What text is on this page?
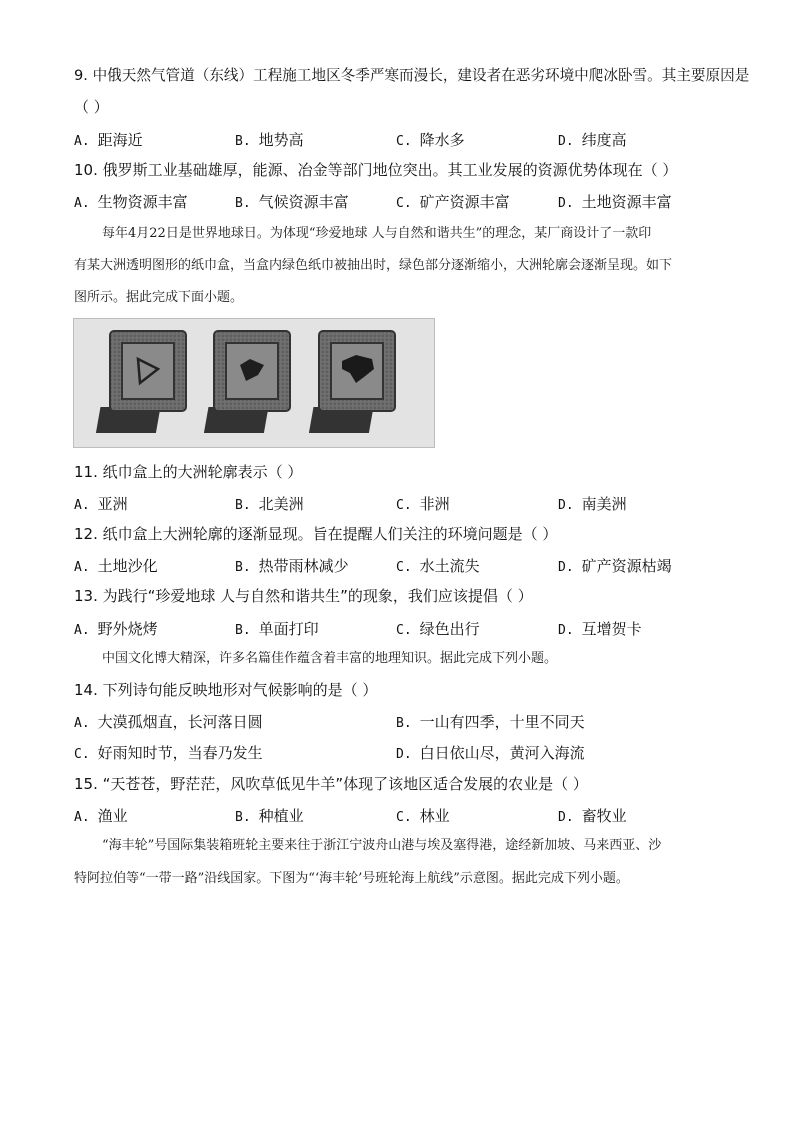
9. 中俄天然气管道（东线）工程施工地区冬季严寒而漫长，建设者在恶劣环境中爬冰卧雪。其主要原因是
（ ）
A. 距海近	B. 地势高	C. 降水多	D. 纬度高
10. 俄罗斯工业基础雄厚，能源、冶金等部门地位突出。其工业发展的资源优势体现在（ ）
A. 生物资源丰富	B. 气候资源丰富	C. 矿产资源丰富	D. 土地资源丰富
每年4月22日是世界地球日。为体现“珍爱地球 人与自然和谐共生”的理念，某厂商设计了一款印
有某大洲透明图形的纸巾盒，当盒内绿色纸巾被抽出时，绿色部分逐渐缩小，大洲轮廓会逐渐呈现。如下
图所示。据此完成下面小题。
11. 纸巾盒上的大洲轮廓表示（ ）
A. 亚洲	B. 北美洲	C. 非洲	D. 南美洲
12. 纸巾盒上大洲轮廓的逐渐显现。旨在提醒人们关注的环境问题是（ ）
A. 土地沙化	B. 热带雨林减少	C. 水土流失	D. 矿产资源枯竭
13. 为践行“珍爱地球 人与自然和谐共生”的现象，我们应该提倡（ ）
A. 野外烧烤	B. 单面打印	C. 绿色出行	D. 互增贺卡
中国文化博大精深，许多名篇佳作蕴含着丰富的地理知识。据此完成下列小题。
14. 下列诗句能反映地形对气候影响的是（ ）
A. 大漠孤烟直，长河落日圆	B. 一山有四季，十里不同天
C. 好雨知时节，当春乃发生	D. 白日依山尽，黄河入海流
15. “天苍苍，野茫茫，风吹草低见牛羊”体现了该地区适合发展的农业是（ ）
A. 渔业	B. 种植业	C. 林业	D. 畜牧业
“海丰轮”号国际集装箱班轮主要来往于浙江宁波舟山港与埃及塞得港，途经新加坡、马来西亚、沙
特阿拉伯等“一带一路”沿线国家。下图为“‘海丰轮’号班轮海上航线”示意图。据此完成下列小题。
